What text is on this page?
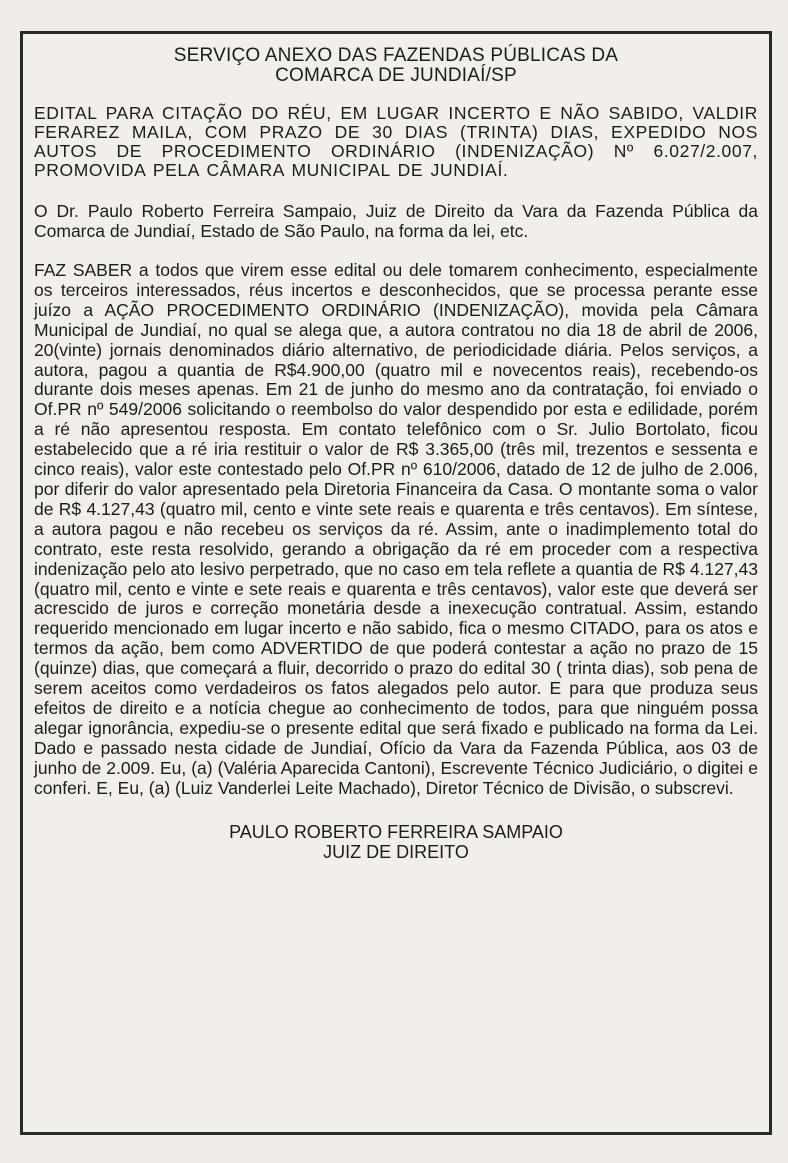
SERVIÇO ANEXO DAS FAZENDAS PÚBLICAS DA
COMARCA DE JUNDIAÍ/SP

EDITAL PARA CITAÇÃO DO RÉU, EM LUGAR INCERTO E NÃO SABIDO, VALDIR FERAREZ MAILA, COM PRAZO DE 30 DIAS (TRINTA) DIAS, EXPEDIDO NOS AUTOS DE PROCEDIMENTO ORDINÁRIO (INDENIZAÇÃO) Nº 6.027/2.007, PROMOVIDA PELA CÂMARA MUNICIPAL DE JUNDIAÍ.

O Dr. Paulo Roberto Ferreira Sampaio, Juiz de Direito da Vara da Fazenda Pública da Comarca de Jundiaí, Estado de São Paulo, na forma da lei, etc.

FAZ SABER a todos que virem esse edital ou dele tomarem conhecimento, especialmente os terceiros interessados, réus incertos e desconhecidos, que se processa perante esse juízo a AÇÃO PROCEDIMENTO ORDINÁRIO (INDENIZAÇÃO), movida pela Câmara Municipal de Jundiaí, no qual se alega que, a autora contratou no dia 18 de abril de 2006, 20(vinte) jornais denominados diário alternativo, de periodicidade diária. Pelos serviços, a autora, pagou a quantia de R$4.900,00 (quatro mil e novecentos reais), recebendo-os durante dois meses apenas. Em 21 de junho do mesmo ano da contratação, foi enviado o Of.PR nº 549/2006 solicitando o reembolso do valor despendido por esta e edilidade, porém a ré não apresentou resposta. Em contato telefônico com o Sr. Julio Bortolato, ficou estabelecido que a ré iria restituir o valor de R$ 3.365,00 (três mil, trezentos e sessenta e cinco reais), valor este contestado pelo Of.PR nº 610/2006, datado de 12 de julho de 2.006, por diferir do valor apresentado pela Diretoria Financeira da Casa. O montante soma o valor de R$ 4.127,43 (quatro mil, cento e vinte sete reais e quarenta e três centavos). Em síntese, a autora pagou e não recebeu os serviços da ré. Assim, ante o inadimplemento total do contrato, este resta resolvido, gerando a obrigação da ré em proceder com a respectiva indenização pelo ato lesivo perpetrado, que no caso em tela reflete a quantia de R$ 4.127,43 (quatro mil, cento e vinte e sete reais e quarenta e três centavos), valor este que deverá ser acrescido de juros e correção monetária desde a inexecução contratual. Assim, estando requerido mencionado em lugar incerto e não sabido, fica o mesmo CITADO, para os atos e termos da ação, bem como ADVERTIDO de que poderá contestar a ação no prazo de 15 (quinze) dias, que começará a fluir, decorrido o prazo do edital 30 ( trinta dias), sob pena de serem aceitos como verdadeiros os fatos alegados pelo autor. E para que produza seus efeitos de direito e a notícia chegue ao conhecimento de todos, para que ninguém possa alegar ignorância, expediu-se o presente edital que será fixado e publicado na forma da Lei. Dado e passado nesta cidade de Jundiaí, Ofício da Vara da Fazenda Pública, aos 03 de junho de 2.009. Eu, (a) (Valéria Aparecida Cantoni), Escrevente Técnico Judiciário, o digitei e conferi. E, Eu, (a) (Luiz Vanderlei Leite Machado), Diretor Técnico de Divisão, o subscrevi.

PAULO ROBERTO FERREIRA SAMPAIO
JUIZ DE DIREITO
